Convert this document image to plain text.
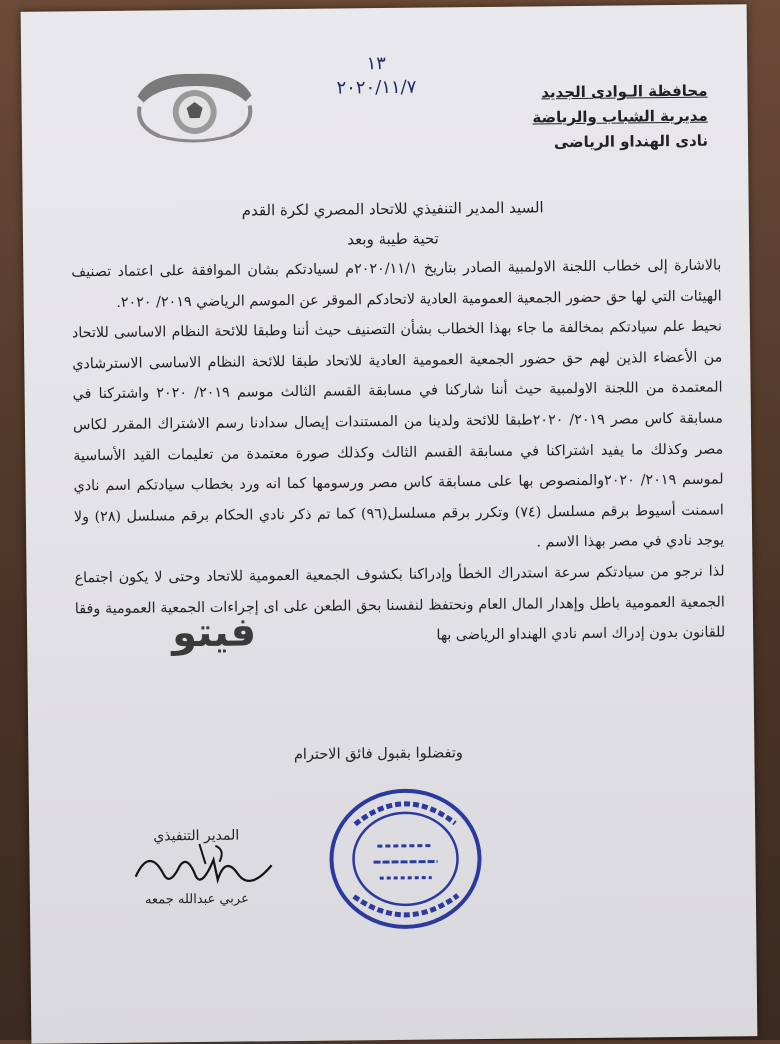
١٣
٢٠٢٠/١١/٧	محافظة الـوادى الجديد
مديرية الشباب والرياضة
نادى الهنداو الرياضى
السيد المدير التنفيذي للاتحاد المصري لكرة القدم
تحية طيبة وبعد

بالاشارة إلى خطاب اللجنة الاولمبية الصادر بتاريخ ٢٠٢٠/١١/١م لسيادتكم بشان الموافقة على اعتماد تصنيف الهيئات التي لها حق حضور الجمعية العمومية العادية لاتحادكم الموقر عن الموسم الرياضي ٢٠١٩/ ٢٠٢٠.

نحيط علم سيادتكم بمخالفة ما جاء بهذا الخطاب بشأن التصنيف حيث أننا وطبقا للائحة النظام الاساسى للاتحاد من الأعضاء الذين لهم حق حضور الجمعية العمومية العادية للاتحاد طبقا للائحة النظام الاساسى الاسترشادي المعتمدة من اللجنة الاولمبية حيث أننا شاركنا في مسابقة القسم الثالث موسم ٢٠١٩/ ٢٠٢٠ واشتركنا في مسابقة كاس مصر ٢٠١٩/ ٢٠٢٠طبقا للائحة ولدينا من المستندات إيصال سدادنا رسم الاشتراك المقرر لكاس مصر وكذلك ما يفيد اشتراكنا في مسابقة القسم الثالث وكذلك صورة معتمدة من تعليمات القيد الأساسية لموسم ٢٠١٩/ ٢٠٢٠والمنصوص بها على مسابقة كاس مصر ورسومها كما انه ورد بخطاب سيادتكم اسم نادي اسمنت أسيوط برقم مسلسل (٧٤) وتكرر برقم مسلسل(٩٦) كما تم ذكر نادي الحكام برقم مسلسل (٢٨) ولا يوجد نادي في مصر بهذا الاسم .

لذا نرجو من سيادتكم سرعة استدراك الخطأ وإدراكنا بكشوف الجمعية العمومية للاتحاد وحتى لا يكون اجتماع الجمعية العمومية باطل وإهدار المال العام ونحتفظ لنفسنا بحق الطعن على اى إجراءات الجمعية العمومية وفقا للقانون بدون إدراك اسم نادي الهنداو الرياضى بها

وتفضلوا بقبول فائق الاحترام
المدير التنفيذي
عربي عبدالله جمعه
فيتو
